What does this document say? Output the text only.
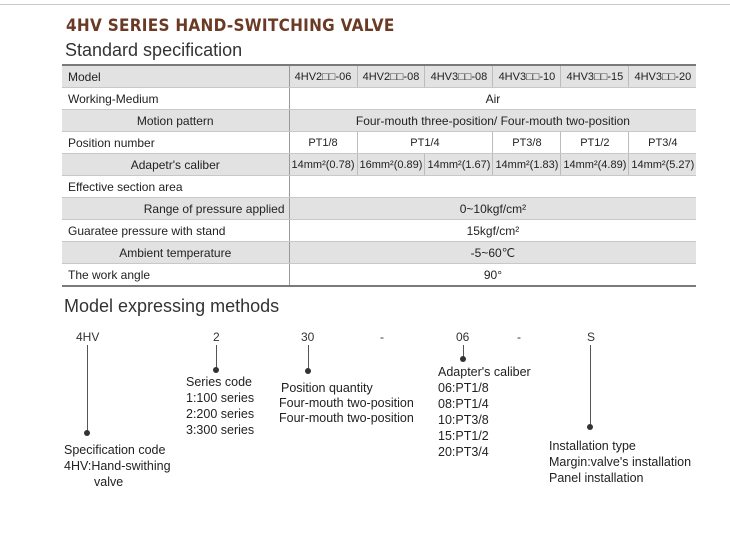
4HV SERIES HAND-SWITCHING VALVE
Standard specification
Model	4HV2□□-06	4HV2□□-08	4HV3□□-08	4HV3□□-10	4HV3□□-15	4HV3□□-20
Working-Medium	Air					
Motion pattern	Four-mouth three-position/ Four-mouth two-position					
Position number	PT1/8	PT1/4		PT3/8	PT1/2	PT3/4
Adapetr's caliber	14mm²(0.78)	16mm²(0.89)	14mm²(1.67)	14mm²(1.83)	14mm²(4.89)	14mm²(5.27)
Effective section area						
Range of pressure applied	0~10kgf/cm²					
Guaratee pressure with stand	15kgf/cm²					
Ambient temperature	-5~60℃					
The work angle	90°					
Model expressing methods
4HV	2	30	-	06	-	S
Specification code
4HV:Hand-swithing
valve
Series code
1:100 series
2:200 series
3:300 series
Position quantity
Four-mouth two-position
Four-mouth two-position
Adapter's caliber
06:PT1/8
08:PT1/4
10:PT3/8
15:PT1/2
20:PT3/4	Installation type
Margin:valve's installation
Panel installation
